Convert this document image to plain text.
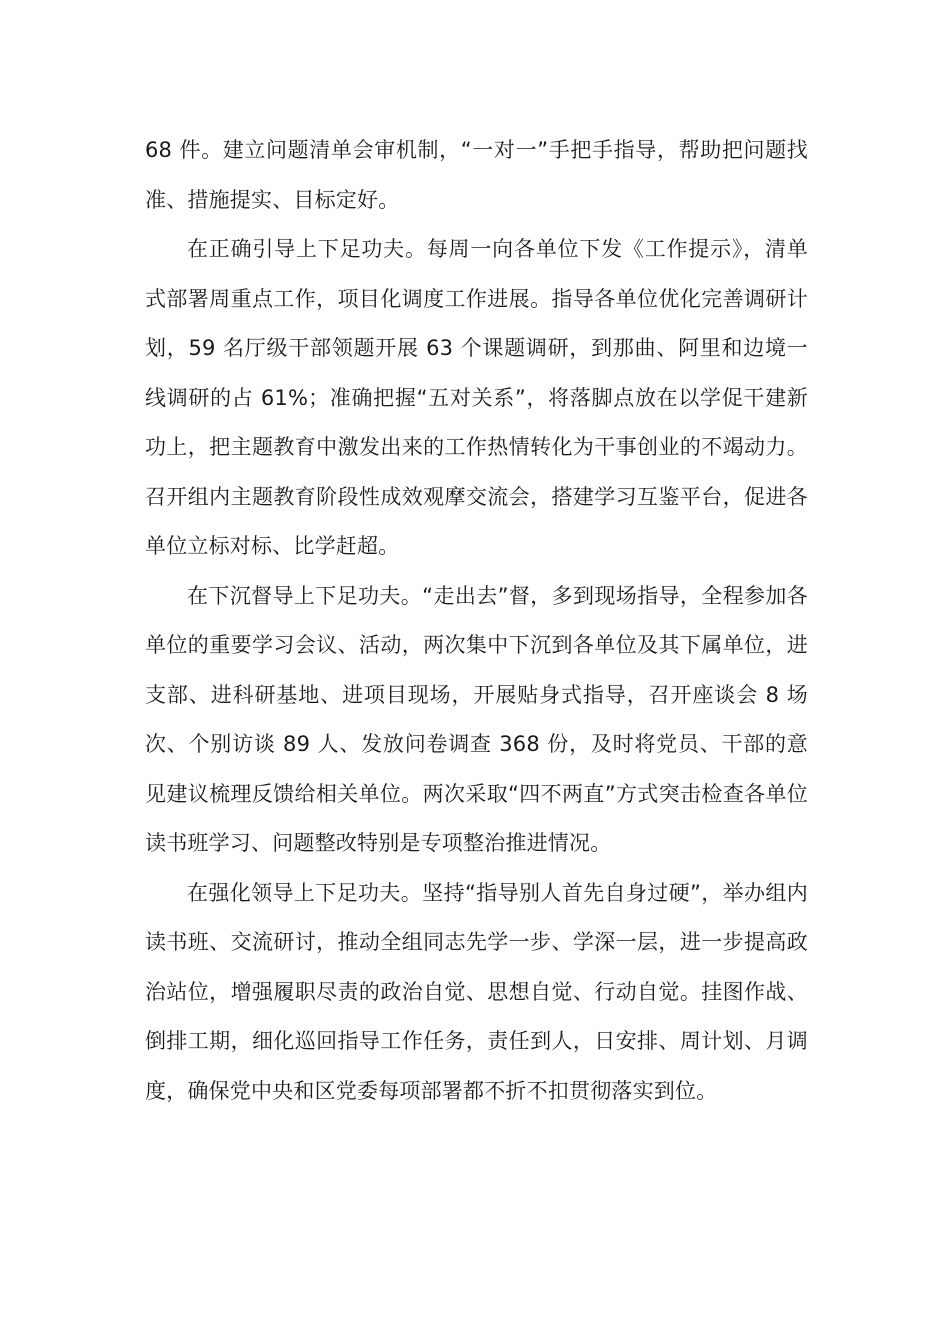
68 件。建立问题清单会审机制，“一对一”手把手指导，帮助把问题找准、措施提实、目标定好。

在正确引导上下足功夫。每周一向各单位下发《工作提示》，清单式部署周重点工作，项目化调度工作进展。指导各单位优化完善调研计划，59 名厅级干部领题开展 63 个课题调研，到那曲、阿里和边境一线调研的占 61%；准确把握“五对关系”，将落脚点放在以学促干建新功上，把主题教育中激发出来的工作热情转化为干事创业的不竭动力。召开组内主题教育阶段性成效观摩交流会，搭建学习互鉴平台，促进各单位立标对标、比学赶超。

在下沉督导上下足功夫。“走出去”督，多到现场指导，全程参加各单位的重要学习会议、活动，两次集中下沉到各单位及其下属单位，进支部、进科研基地、进项目现场，开展贴身式指导，召开座谈会 8 场次、个别访谈 89 人、发放问卷调查 368 份，及时将党员、干部的意见建议梳理反馈给相关单位。两次采取“四不两直”方式突击检查各单位读书班学习、问题整改特别是专项整治推进情况。

在强化领导上下足功夫。坚持“指导别人首先自身过硬”，举办组内读书班、交流研讨，推动全组同志先学一步、学深一层，进一步提高政治站位，增强履职尽责的政治自觉、思想自觉、行动自觉。挂图作战、倒排工期，细化巡回指导工作任务，责任到人，日安排、周计划、月调度，确保党中央和区党委每项部署都不折不扣贯彻落实到位。
